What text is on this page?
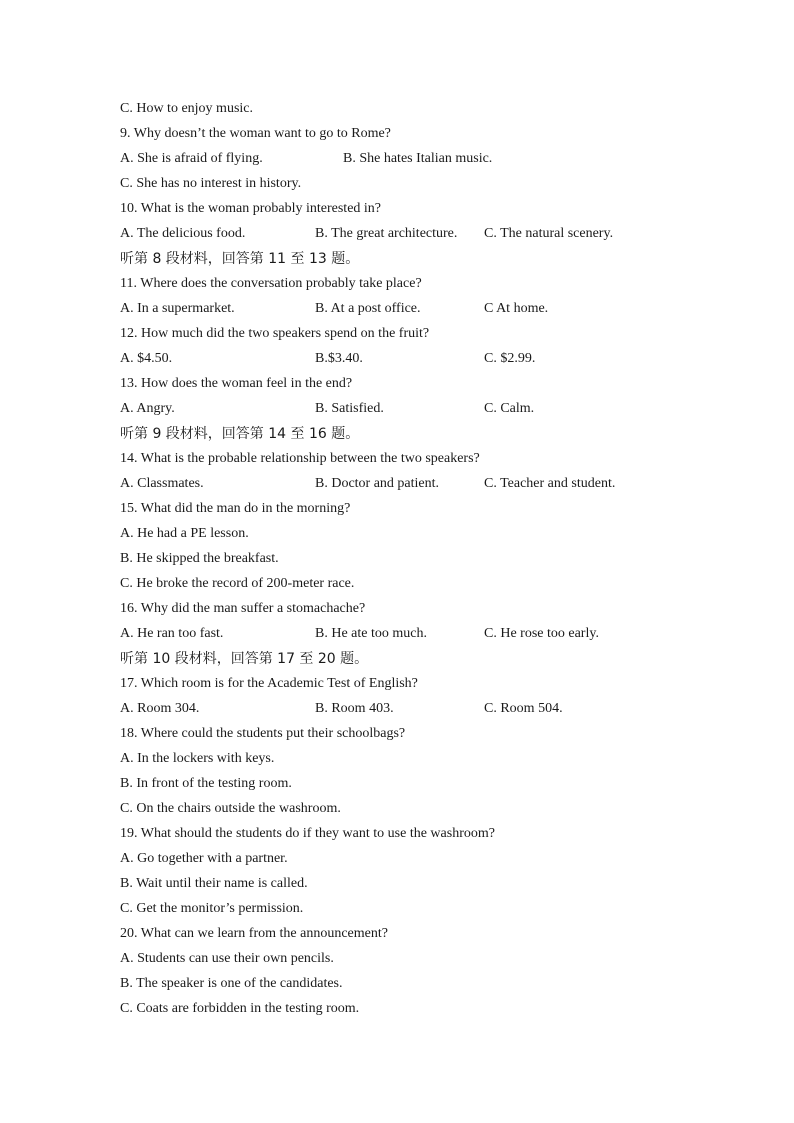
C. How to enjoy music.
9. Why doesn’t the woman want to go to Rome?
A. She is afraid of flying.	B. She hates Italian music.
C. She has no interest in history.
10. What is the woman probably interested in?
A. The delicious food.	B. The great architecture. C. The natural scenery.
听第 8 段材料，回答第 11 至 13 题。
11. Where does the conversation probably take place?
A. In a supermarket.	B. At a post office.	C At home.
12. How much did the two speakers spend on the fruit?
A. $4.50.	B.$3.40.	C. $2.99.
13. How does the woman feel in the end?
A. Angry.	B. Satisfied.	C. Calm.
听第 9 段材料，回答第 14 至 16 题。
14. What is the probable relationship between the two speakers?
A. Classmates.	B. Doctor and patient.	C. Teacher and student.
15. What did the man do in the morning?
A. He had a PE lesson.
B. He skipped the breakfast.
C. He broke the record of 200-meter race.
16. Why did the man suffer a stomachache?
A. He ran too fast.	B. He ate too much.	C. He rose too early.
听第 10 段材料，回答第 17 至 20 题。
17. Which room is for the Academic Test of English?
A. Room 304.	B. Room 403.	C. Room 504.
18. Where could the students put their schoolbags?
A. In the lockers with keys.
B. In front of the testing room.
C. On the chairs outside the washroom.
19. What should the students do if they want to use the washroom?
A. Go together with a partner.
B. Wait until their name is called.
C. Get the monitor’s permission.
20. What can we learn from the announcement?
A. Students can use their own pencils.
B. The speaker is one of the candidates.
C. Coats are forbidden in the testing room.
